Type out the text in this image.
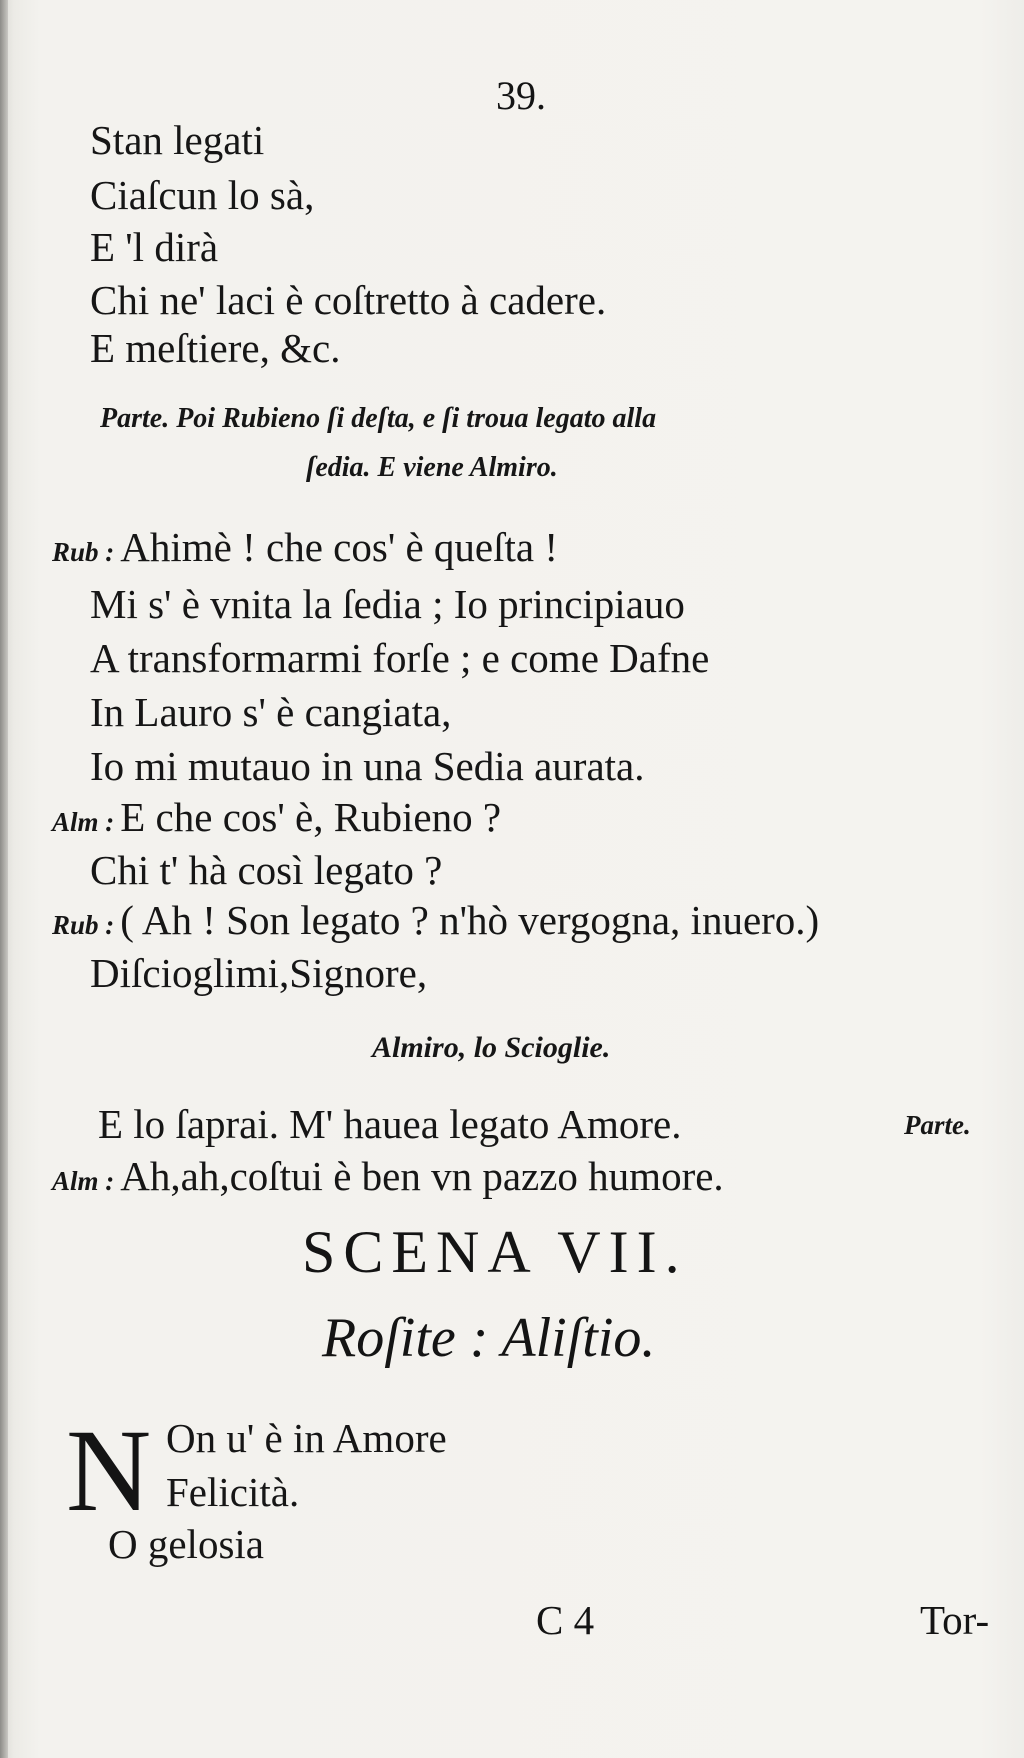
39.
Stan legati
Ciaſcun lo sà,
E 'l dirà
Chi ne' laci è coſtretto à cadere.
E meſtiere, &c.
Parte. Poi Rubieno ſi deſta, e ſi troua legato alla
ſedia. E viene Almiro.
Rub : Ahimè ! che cos' è queſta !
Mi s' è vnita la ſedia ; Io principiauo
A transformarmi forſe ; e come Dafne
In Lauro s' è cangiata,
Io mi mutauo in una Sedia aurata.
Alm : E che cos' è, Rubieno ?
Chi t' hà così legato ?
Rub : ( Ah ! Son legato ? n'hò vergogna, inuero.)
Diſcioglimi,Signore,
Almiro, lo Scioglie.
E lo ſaprai. M' hauea legato Amore.	Parte.
Alm : Ah,ah,coſtui è ben vn pazzo humore.
SCENA VII.
Roſite : Aliſtio.
N On u' è in Amore
Felicità.
O gelosia
C 4	Tor-
